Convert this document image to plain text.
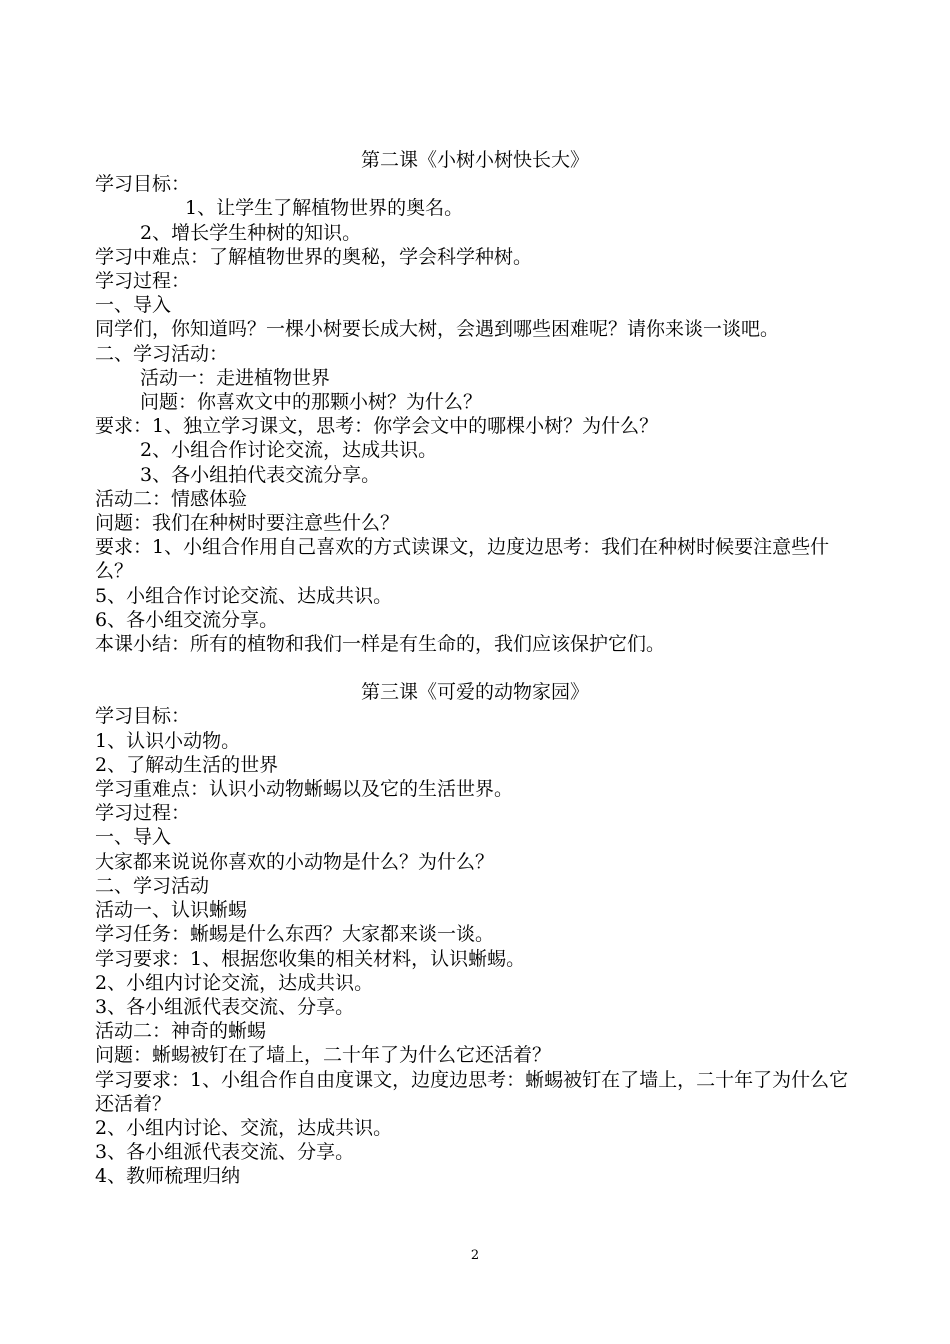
第二课《小树小树快长大》
学习目标：
1、让学生了解植物世界的奥名。
2、增长学生种树的知识。
学习中难点：了解植物世界的奥秘，学会科学种树。
学习过程：
一、导入
同学们，你知道吗？一棵小树要长成大树，会遇到哪些困难呢？请你来谈一谈吧。
二、学习活动：
活动一：走进植物世界
问题：你喜欢文中的那颗小树？为什么？
要求：1、独立学习课文，思考：你学会文中的哪棵小树？为什么？
2、小组合作讨论交流，达成共识。
3、各小组拍代表交流分享。
活动二：情感体验
问题：我们在种树时要注意些什么？
要求：1、小组合作用自己喜欢的方式读课文，边度边思考：我们在种树时候要注意些什么？
5、小组合作讨论交流、达成共识。
6、各小组交流分享。
本课小结：所有的植物和我们一样是有生命的，我们应该保护它们。
第三课《可爱的动物家园》
学习目标：
1、认识小动物。
2、了解动生活的世界
学习重难点：认识小动物蜥蜴以及它的生活世界。
学习过程：
一、导入
大家都来说说你喜欢的小动物是什么？为什么？
二、学习活动
活动一、认识蜥蜴
学习任务：蜥蜴是什么东西？大家都来谈一谈。
学习要求：1、根据您收集的相关材料，认识蜥蜴。
2、小组内讨论交流，达成共识。
3、各小组派代表交流、分享。
活动二：神奇的蜥蜴
问题：蜥蜴被钉在了墙上，二十年了为什么它还活着？
学习要求：1、小组合作自由度课文，边度边思考：蜥蜴被钉在了墙上，二十年了为什么它还活着？
2、小组内讨论、交流，达成共识。
3、各小组派代表交流、分享。
4、教师梳理归纳
2
